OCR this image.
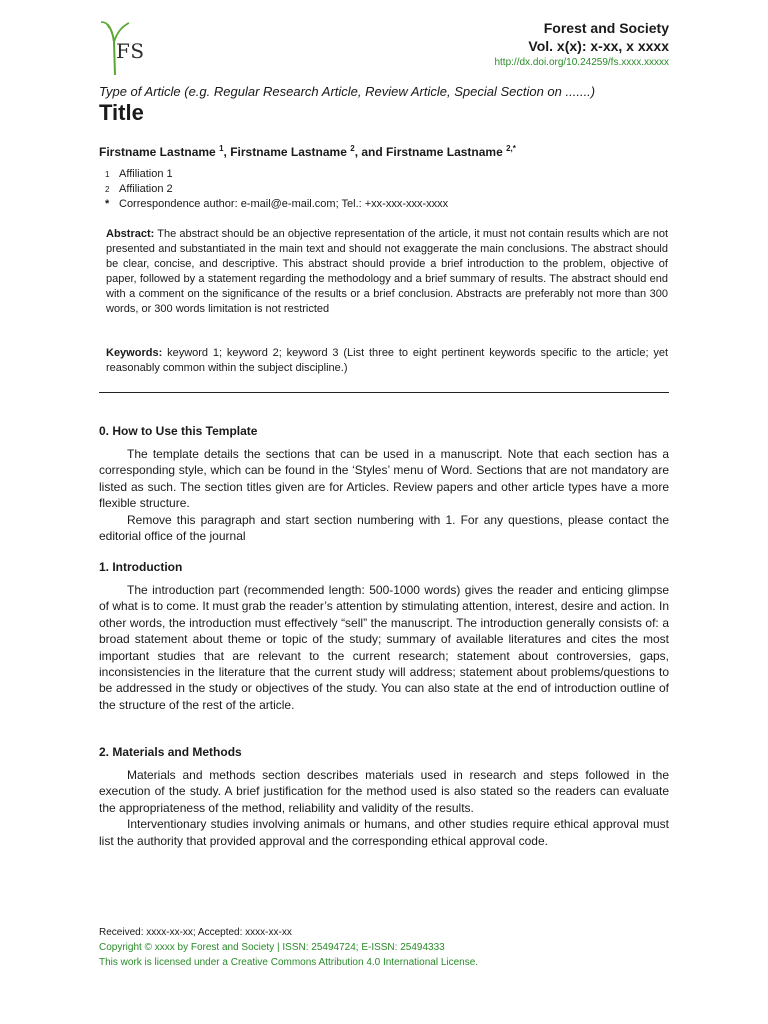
FS
Forest and Society
Vol. x(x): x-xx, x xxxx
http://dx.doi.org/10.24259/fs.xxxx.xxxxx
Type of Article (e.g. Regular Research Article, Review Article, Special Section on .......)
Title
Firstname Lastname $^1$, Firstname Lastname $^2$, and Firstname Lastname $^{2,*}$
1 Affiliation 1
2 Affiliation 2
* Correspondence author: e-mail@e-mail.com; Tel.: +xx-xxx-xxx-xxxx
Abstract: The abstract should be an objective representation of the article, it must not contain results which are not presented and substantiated in the main text and should not exaggerate the main conclusions. The abstract should be clear, concise, and descriptive. This abstract should provide a brief introduction to the problem, objective of paper, followed by a statement regarding the methodology and a brief summary of results. The abstract should end with a comment on the significance of the results or a brief conclusion. Abstracts are preferably not more than 300 words, or 300 words limitation is not restricted
Keywords: keyword 1; keyword 2; keyword 3 (List three to eight pertinent keywords specific to the article; yet reasonably common within the subject discipline.)
0. How to Use this Template

The template details the sections that can be used in a manuscript. Note that each section has a corresponding style, which can be found in the ‘Styles’ menu of Word. Sections that are not mandatory are listed as such. The section titles given are for Articles. Review papers and other article types have a more flexible structure.

Remove this paragraph and start section numbering with 1. For any questions, please contact the editorial office of the journal

1. Introduction

The introduction part (recommended length: 500-1000 words) gives the reader and enticing glimpse of what is to come. It must grab the reader’s attention by stimulating attention, interest, desire and action. In other words, the introduction must effectively “sell” the manuscript. The introduction generally consists of: a broad statement about theme or topic of the study; summary of available literatures and cites the most important studies that are relevant to the current research; statement about controversies, gaps, inconsistencies in the literature that the current study will address; statement about problems/questions to be addressed in the study or objectives of the study. You can also state at the end of introduction outline of the structure of the rest of the article.

2. Materials and Methods

Materials and methods section describes materials used in research and steps followed in the execution of the study. A brief justification for the method used is also stated so the readers can evaluate the appropriateness of the method, reliability and validity of the results.

Interventionary studies involving animals or humans, and other studies require ethical approval must list the authority that provided approval and the corresponding ethical approval code.

Received: xxxx-xx-xx; Accepted: xxxx-xx-xx
Copyright © xxxx by Forest and Society | ISSN: 25494724; E-ISSN: 25494333
This work is licensed under a Creative Commons Attribution 4.0 International License.
